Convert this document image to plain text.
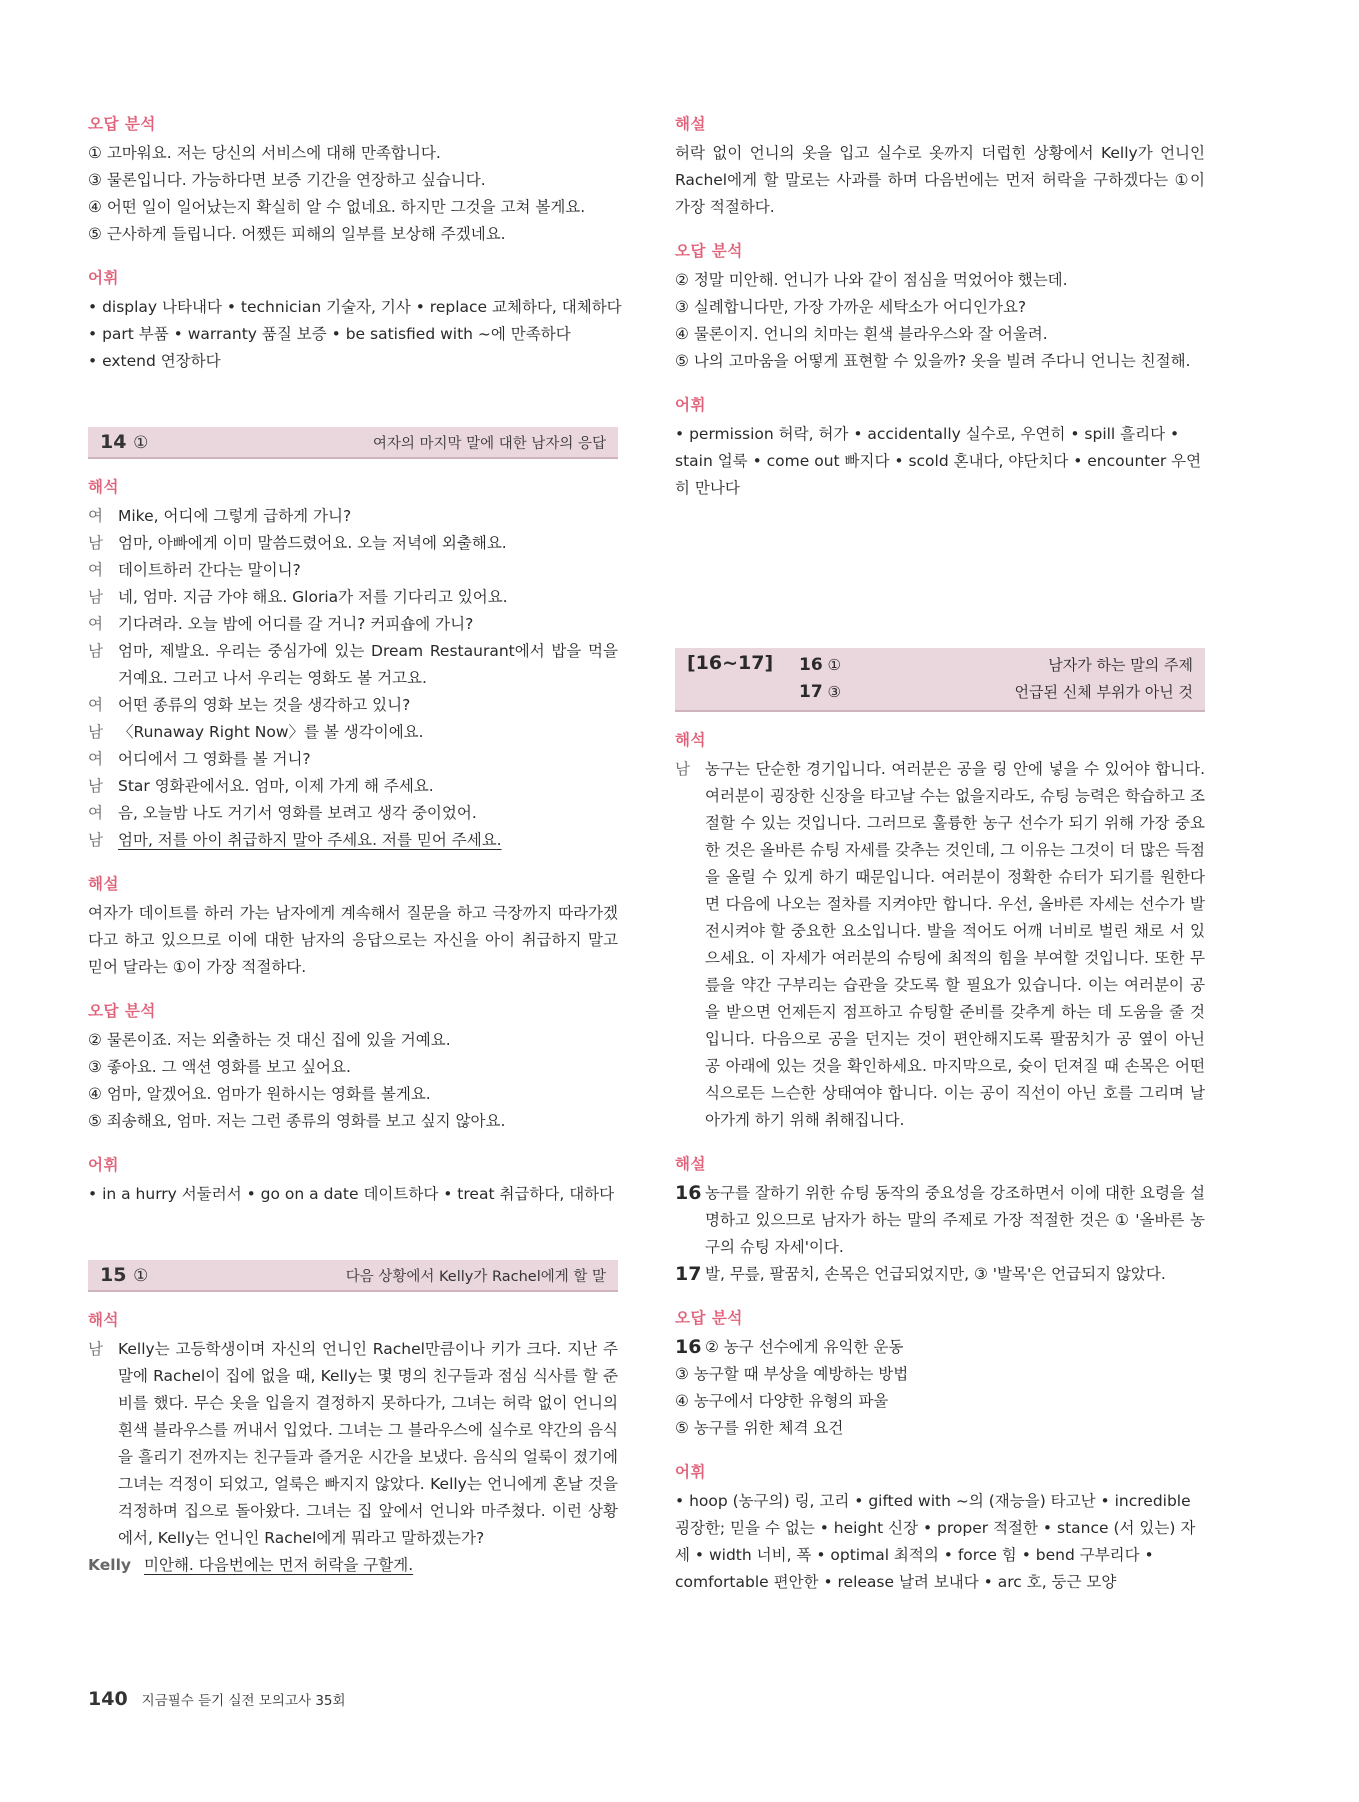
오답 분석
① 고마워요. 저는 당신의 서비스에 대해 만족합니다.
③ 물론입니다. 가능하다면 보증 기간을 연장하고 싶습니다.
④ 어떤 일이 일어났는지 확실히 알 수 없네요. 하지만 그것을 고쳐 볼게요.
⑤ 근사하게 들립니다. 어쨌든 피해의 일부를 보상해 주겠네요.
어휘
• display 나타내다 • technician 기술자, 기사 • replace 교체하다, 대체하다
• part 부품 • warranty 품질 보증 • be satisfied with ~에 만족하다
• extend 연장하다
14 ①	여자의 마지막 말에 대한 남자의 응답
해석
여 Mike, 어디에 그렇게 급하게 가니?
남 엄마, 아빠에게 이미 말씀드렸어요. 오늘 저녁에 외출해요.
여 데이트하러 간다는 말이니?
남 네, 엄마. 지금 가야 해요. Gloria가 저를 기다리고 있어요.
여 기다려라. 오늘 밤에 어디를 갈 거니? 커피숍에 가니?
남 엄마, 제발요. 우리는 중심가에 있는 Dream Restaurant에서 밥을 먹을 거예요. 그러고 나서 우리는 영화도 볼 거고요.
여 어떤 종류의 영화 보는 것을 생각하고 있니?
남 〈Runaway Right Now〉를 볼 생각이에요.
여 어디에서 그 영화를 볼 거니?
남 Star 영화관에서요. 엄마, 이제 가게 해 주세요.
여 음, 오늘밤 나도 거기서 영화를 보려고 생각 중이었어.
남 엄마, 저를 아이 취급하지 말아 주세요. 저를 믿어 주세요.
해설
여자가 데이트를 하러 가는 남자에게 계속해서 질문을 하고 극장까지 따라가겠다고 하고 있으므로 이에 대한 남자의 응답으로는 자신을 아이 취급하지 말고 믿어 달라는 ①이 가장 적절하다.
오답 분석
② 물론이죠. 저는 외출하는 것 대신 집에 있을 거예요.
③ 좋아요. 그 액션 영화를 보고 싶어요.
④ 엄마, 알겠어요. 엄마가 원하시는 영화를 볼게요.
⑤ 죄송해요, 엄마. 저는 그런 종류의 영화를 보고 싶지 않아요.
어휘
• in a hurry 서둘러서 • go on a date 데이트하다 • treat 취급하다, 대하다
15 ①	다음 상황에서 Kelly가 Rachel에게 할 말
해석
남 Kelly는 고등학생이며 자신의 언니인 Rachel만큼이나 키가 크다. 지난 주말에 Rachel이 집에 없을 때, Kelly는 몇 명의 친구들과 점심 식사를 할 준비를 했다. 무슨 옷을 입을지 결정하지 못하다가, 그녀는 허락 없이 언니의 흰색 블라우스를 꺼내서 입었다. 그녀는 그 블라우스에 실수로 약간의 음식을 흘리기 전까지는 친구들과 즐거운 시간을 보냈다. 음식의 얼룩이 졌기에 그녀는 걱정이 되었고, 얼룩은 빠지지 않았다. Kelly는 언니에게 혼날 것을 걱정하며 집으로 돌아왔다. 그녀는 집 앞에서 언니와 마주쳤다. 이런 상황에서, Kelly는 언니인 Rachel에게 뭐라고 말하겠는가?
Kelly 미안해. 다음번에는 먼저 허락을 구할게.
해설
허락 없이 언니의 옷을 입고 실수로 옷까지 더럽힌 상황에서 Kelly가 언니인 Rachel에게 할 말로는 사과를 하며 다음번에는 먼저 허락을 구하겠다는 ①이 가장 적절하다.
오답 분석
② 정말 미안해. 언니가 나와 같이 점심을 먹었어야 했는데.
③ 실례합니다만, 가장 가까운 세탁소가 어디인가요?
④ 물론이지. 언니의 치마는 흰색 블라우스와 잘 어울려.
⑤ 나의 고마움을 어떻게 표현할 수 있을까? 옷을 빌려 주다니 언니는 친절해.
어휘
• permission 허락, 허가 • accidentally 실수로, 우연히 • spill 흘리다 • stain 얼룩 • come out 빠지다 • scold 혼내다, 야단치다 • encounter 우연히 만나다
[16~17]	16 ①	남자가 하는 말의 주제
17 ③	언급된 신체 부위가 아닌 것
해석
남 농구는 단순한 경기입니다. 여러분은 공을 링 안에 넣을 수 있어야 합니다. 여러분이 굉장한 신장을 타고날 수는 없을지라도, 슈팅 능력은 학습하고 조절할 수 있는 것입니다. 그러므로 훌륭한 농구 선수가 되기 위해 가장 중요한 것은 올바른 슈팅 자세를 갖추는 것인데, 그 이유는 그것이 더 많은 득점을 올릴 수 있게 하기 때문입니다. 여러분이 정확한 슈터가 되기를 원한다면 다음에 나오는 절차를 지켜야만 합니다. 우선, 올바른 자세는 선수가 발전시켜야 할 중요한 요소입니다. 발을 적어도 어깨 너비로 벌린 채로 서 있으세요. 이 자세가 여러분의 슈팅에 최적의 힘을 부여할 것입니다. 또한 무릎을 약간 구부리는 습관을 갖도록 할 필요가 있습니다. 이는 여러분이 공을 받으면 언제든지 점프하고 슈팅할 준비를 갖추게 하는 데 도움을 줄 것입니다. 다음으로 공을 던지는 것이 편안해지도록 팔꿈치가 공 옆이 아닌 공 아래에 있는 것을 확인하세요. 마지막으로, 슛이 던져질 때 손목은 어떤 식으로든 느슨한 상태여야 합니다. 이는 공이 직선이 아닌 호를 그리며 날아가게 하기 위해 취해집니다.
해설
16 농구를 잘하기 위한 슈팅 동작의 중요성을 강조하면서 이에 대한 요령을 설명하고 있으므로 남자가 하는 말의 주제로 가장 적절한 것은 ① '올바른 농구의 슈팅 자세'이다.
17 발, 무릎, 팔꿈치, 손목은 언급되었지만, ③ '발목'은 언급되지 않았다.
오답 분석
16 ② 농구 선수에게 유익한 운동
③ 농구할 때 부상을 예방하는 방법
④ 농구에서 다양한 유형의 파울
⑤ 농구를 위한 체격 요건
어휘
• hoop (농구의) 링, 고리 • gifted with ~의 (재능을) 타고난 • incredible 굉장한; 믿을 수 없는 • height 신장 • proper 적절한 • stance (서 있는) 자세 • width 너비, 폭 • optimal 최적의 • force 힘 • bend 구부리다 • comfortable 편안한 • release 날려 보내다 • arc 호, 둥근 모양
140 지금필수 듣기 실전 모의고사 35회
